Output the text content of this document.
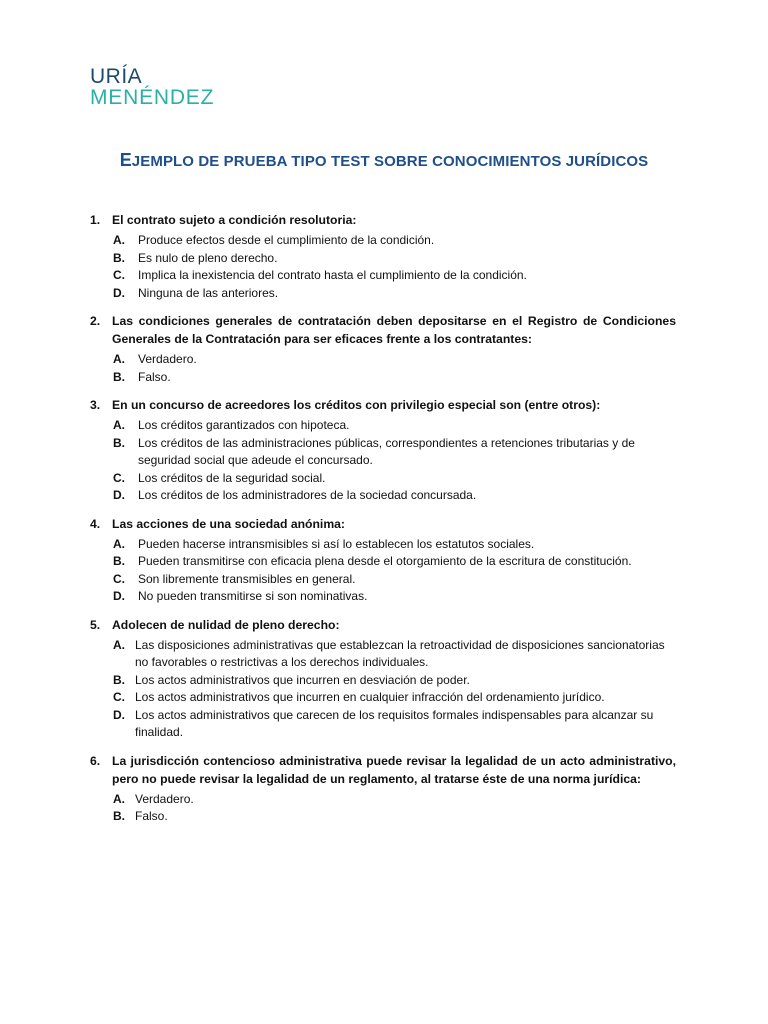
URÍA
MENÉNDEZ
EJEMPLO DE PRUEBA TIPO TEST SOBRE CONOCIMIENTOS JURÍDICOS
1. El contrato sujeto a condición resolutoria:
A.	Produce efectos desde el cumplimiento de la condición.
B.	Es nulo de pleno derecho.
C.	Implica la inexistencia del contrato hasta el cumplimiento de la condición.
D.	Ninguna de las anteriores.
2. Las condiciones generales de contratación deben depositarse en el Registro de Condiciones Generales de la Contratación para ser eficaces frente a los contratantes:
A.	Verdadero.
B.	Falso.
3. En un concurso de acreedores los créditos con privilegio especial son (entre otros):
A.	Los créditos garantizados con hipoteca.
B.	Los créditos de las administraciones públicas, correspondientes a retenciones tributarias y de seguridad social que adeude el concursado.
C.	Los créditos de la seguridad social.
D.	Los créditos de los administradores de la sociedad concursada.
4. Las acciones de una sociedad anónima:
A.	Pueden hacerse intransmisibles si así lo establecen los estatutos sociales.
B.	Pueden transmitirse con eficacia plena desde el otorgamiento de la escritura de constitución.
C.	Son libremente transmisibles en general.
D.	No pueden transmitirse si son nominativas.
5. Adolecen de nulidad de pleno derecho:
A. Las disposiciones administrativas que establezcan la retroactividad de disposiciones sancionatorias no favorables o restrictivas a los derechos individuales.
B. Los actos administrativos que incurren en desviación de poder.
C. Los actos administrativos que incurren en cualquier infracción del ordenamiento jurídico.
D. Los actos administrativos que carecen de los requisitos formales indispensables para alcanzar su finalidad.
6. La jurisdicción contencioso administrativa puede revisar la legalidad de un acto administrativo, pero no puede revisar la legalidad de un reglamento, al tratarse éste de una norma jurídica:
A. Verdadero.
B. Falso.
